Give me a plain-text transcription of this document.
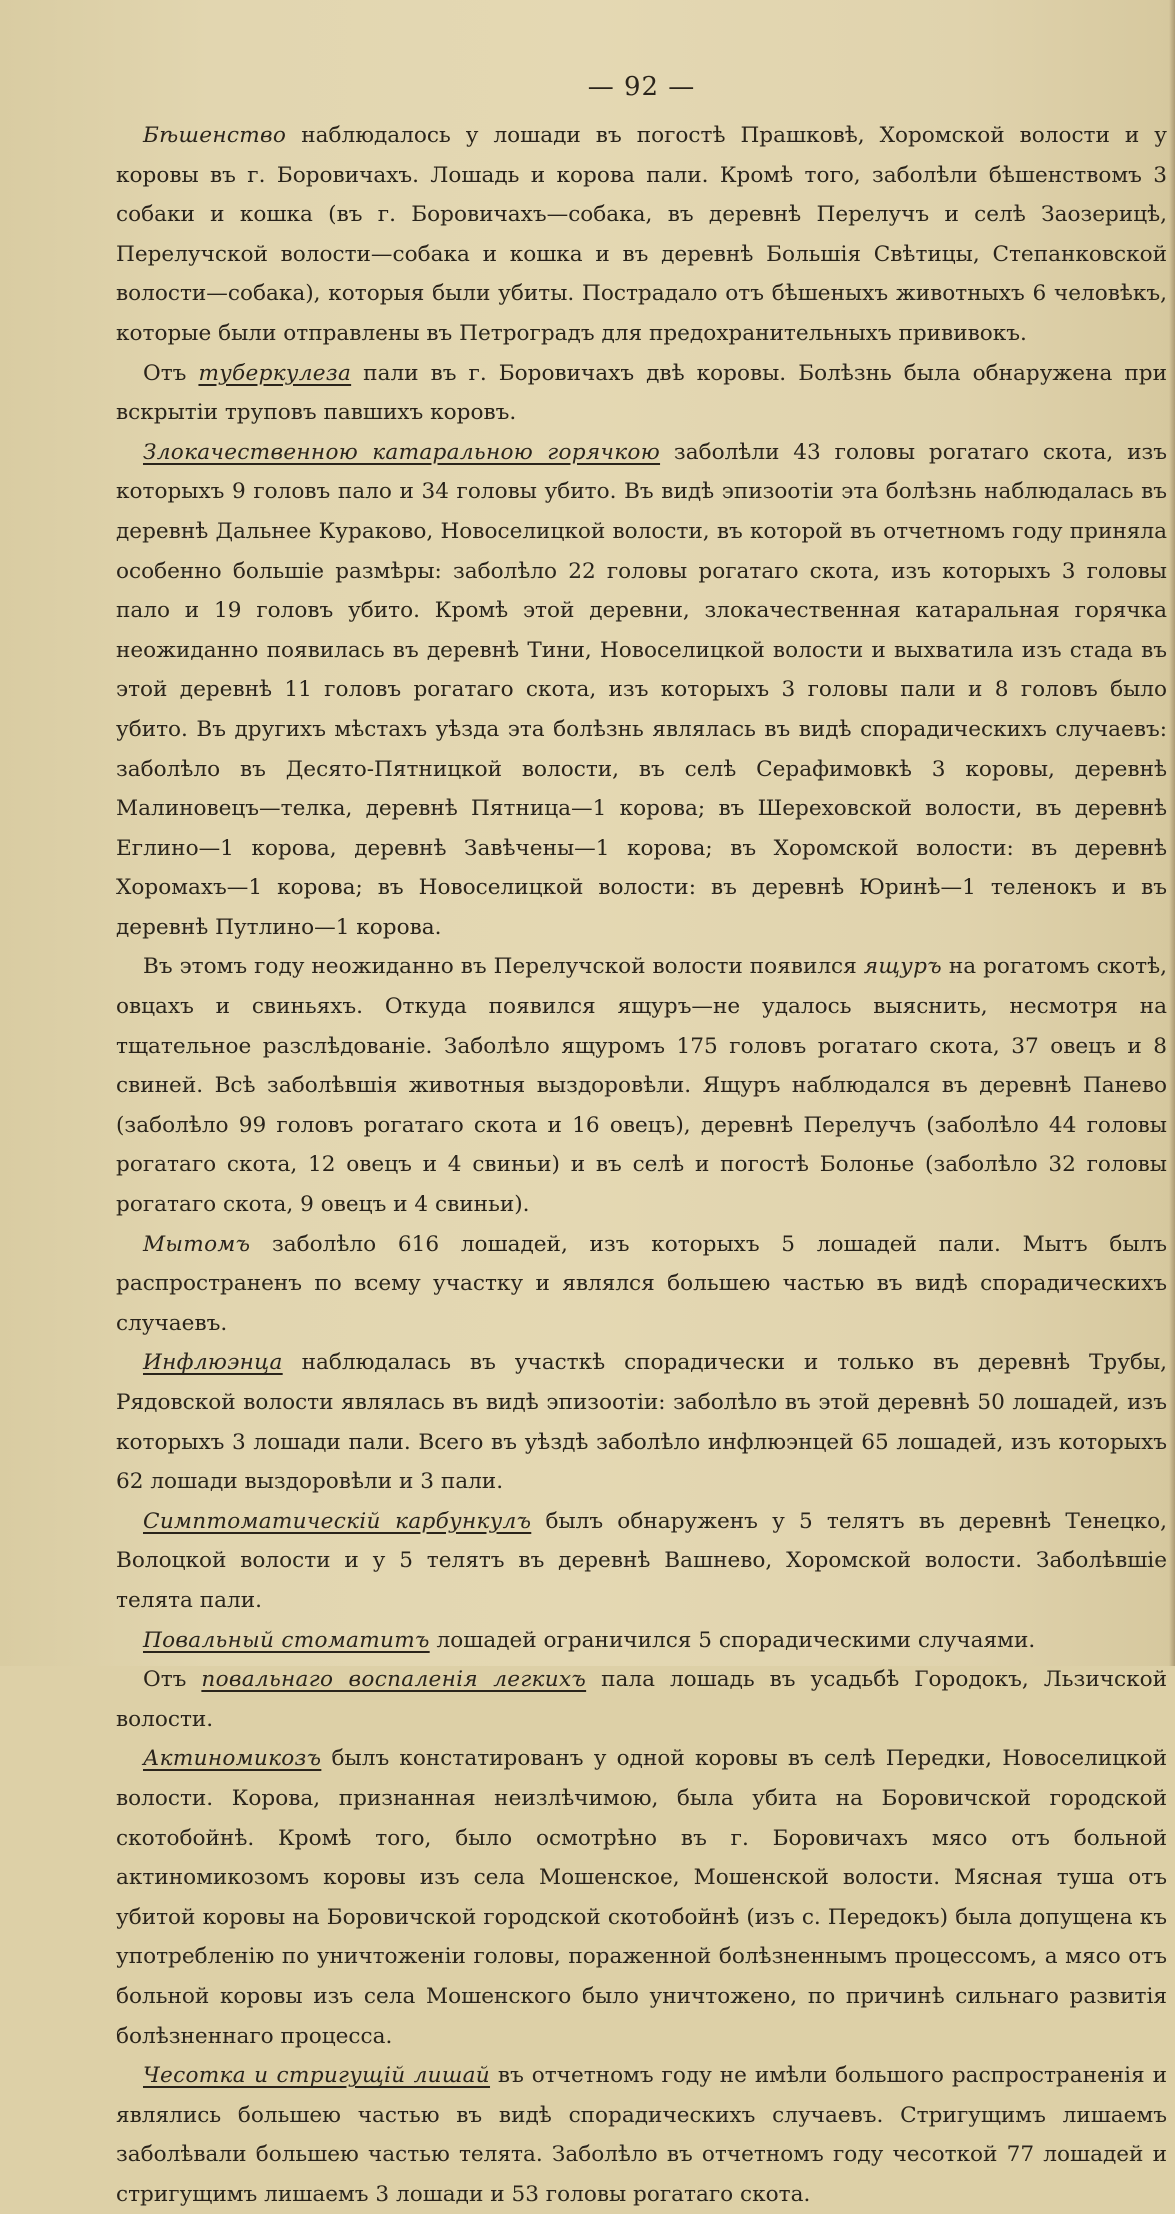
— 92 —

Бѣшенство наблюдалось у лошади въ погостѣ Прашковѣ, Хоромской волости и у коровы въ г. Боровичахъ. Лошадь и корова пали. Кромѣ того, заболѣли бѣшенствомъ 3 собаки и кошка (въ г. Боровичахъ—собака, въ деревнѣ Перелучъ и селѣ Заозерицѣ, Перелучской волости—собака и кошка и въ деревнѣ Большія Свѣтицы, Степанковской волости—собака), которыя были убиты. Пострадало отъ бѣшеныхъ животныхъ 6 человѣкъ, которые были отправлены въ Петроградъ для предохранительныхъ прививокъ.

Отъ туберкулеза пали въ г. Боровичахъ двѣ коровы. Болѣзнь была обнаружена при вскрытіи труповъ павшихъ коровъ.

Злокачественною катаральною горячкою заболѣли 43 головы рогатаго скота, изъ которыхъ 9 головъ пало и 34 головы убито. Въ видѣ эпизоотіи эта болѣзнь наблюдалась въ деревнѣ Дальнее Кураково, Новоселицкой волости, въ которой въ отчетномъ году приняла особенно большіе размѣры: заболѣло 22 головы рогатаго скота, изъ которыхъ 3 головы пало и 19 головъ убито. Кромѣ этой деревни, злокачественная катаральная горячка неожиданно появилась въ деревнѣ Тини, Новоселицкой волости и выхватила изъ стада въ этой деревнѣ 11 головъ рогатаго скота, изъ которыхъ 3 головы пали и 8 головъ было убито. Въ другихъ мѣстахъ уѣзда эта болѣзнь являлась въ видѣ спорадическихъ случаевъ: заболѣло въ Десято-Пятницкой волости, въ селѣ Серафимовкѣ 3 коровы, деревнѣ Малиновецъ—телка, деревнѣ Пятница—1 корова; въ Шереховской волости, въ деревнѣ Еглино—1 корова, деревнѣ Завѣчены—1 корова; въ Хоромской волости: въ деревнѣ Хоромахъ—1 корова; въ Новоселицкой волости: въ деревнѣ Юринѣ—1 теленокъ и въ деревнѣ Путлино—1 корова.

Въ этомъ году неожиданно въ Перелучской волости появился ящуръ на рогатомъ скотѣ, овцахъ и свиньяхъ. Откуда появился ящуръ—не удалось выяснить, несмотря на тщательное разслѣдованіе. Заболѣло ящуромъ 175 головъ рогатаго скота, 37 овецъ и 8 свиней. Всѣ заболѣвшія животныя выздоровѣли. Ящуръ наблюдался въ деревнѣ Панево (заболѣло 99 головъ рогатаго скота и 16 овецъ), деревнѣ Перелучъ (заболѣло 44 головы рогатаго скота, 12 овецъ и 4 свиньи) и въ селѣ и погостѣ Болонье (заболѣло 32 головы рогатаго скота, 9 овецъ и 4 свиньи).

Мытомъ заболѣло 616 лошадей, изъ которыхъ 5 лошадей пали. Мытъ былъ распространенъ по всему участку и являлся большею частью въ видѣ спорадическихъ случаевъ.

Инфлюэнца наблюдалась въ участкѣ спорадически и только въ деревнѣ Трубы, Рядовской волости являлась въ видѣ эпизоотіи: заболѣло въ этой деревнѣ 50 лошадей, изъ которыхъ 3 лошади пали. Всего въ уѣздѣ заболѣло инфлюэнцей 65 лошадей, изъ которыхъ 62 лошади выздоровѣли и 3 пали.

Симптоматическій карбункулъ былъ обнаруженъ у 5 телятъ въ деревнѣ Тенецко, Волоцкой волости и у 5 телятъ въ деревнѣ Вашнево, Хоромской волости. Заболѣвшіе телята пали.

Повальный стоматитъ лошадей ограничился 5 спорадическими случаями.

Отъ повальнаго воспаленія легкихъ пала лошадь въ усадьбѣ Городокъ, Льзичской волости.

Актиномикозъ былъ констатированъ у одной коровы въ селѣ Передки, Новоселицкой волости. Корова, признанная неизлѣчимою, была убита на Боровичской городской скотобойнѣ. Кромѣ того, было осмотрѣно въ г. Боровичахъ мясо отъ больной актиномикозомъ коровы изъ села Мошенское, Мошенской волости. Мясная туша отъ убитой коровы на Боровичской городской скотобойнѣ (изъ с. Передокъ) была допущена къ употребленію по уничтоженіи головы, пораженной болѣзненнымъ процессомъ, а мясо отъ больной коровы изъ села Мошенского было уничтожено, по причинѣ сильнаго развитія болѣзненнаго процесса.

Чесотка и стригущій лишай въ отчетномъ году не имѣли большого распространенія и являлись большею частью въ видѣ спорадическихъ случаевъ. Стригущимъ лишаемъ заболѣвали большею частью телята. Заболѣло въ отчетномъ году чесоткой 77 лошадей и стригущимъ лишаемъ 3 лошади и 53 головы рогатаго скота.
